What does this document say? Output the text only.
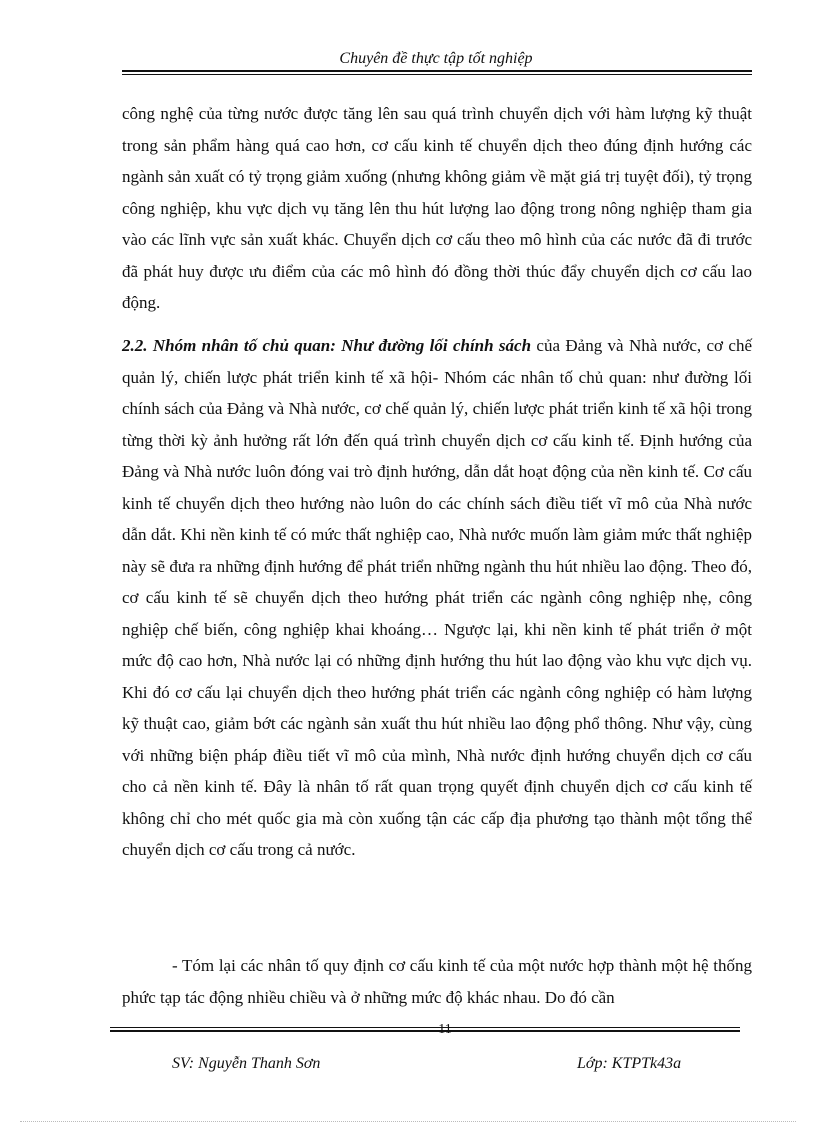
Chuyên đề thực tập tốt nghiệp

công nghệ của từng nước được tăng lên sau quá trình chuyển dịch với hàm lượng kỹ thuật trong sản phẩm hàng quá cao hơn, cơ cấu kinh tế chuyển dịch theo đúng định hướng các ngành sản xuất có tỷ trọng giảm xuống (nhưng không giảm về mặt giá trị tuyệt đối), tỷ trọng công nghiệp, khu vực dịch vụ tăng lên thu hút lượng lao động trong nông nghiệp tham gia vào các lĩnh vực sản xuất khác. Chuyển dịch cơ cấu theo mô hình của các nước đã đi trước đã phát huy được ưu điểm của các mô hình đó đồng thời thúc đẩy chuyển dịch cơ cấu lao động.

2.2. Nhóm nhân tố chủ quan: Như đường lối chính sách của Đảng và Nhà nước, cơ chế quản lý, chiến lược phát triển kinh tế xã hội- Nhóm các nhân tố chủ quan: như đường lối chính sách của Đảng và Nhà nước, cơ chế quản lý, chiến lược phát triển kinh tế xã hội trong từng thời kỳ ảnh hưởng rất lớn đến quá trình chuyển dịch cơ cấu kinh tế. Định hướng của Đảng và Nhà nước luôn đóng vai trò định hướng, dẫn dắt hoạt động của nền kinh tế. Cơ cấu kinh tế chuyển dịch theo hướng nào luôn do các chính sách điều tiết vĩ mô của Nhà nước dẫn dắt. Khi nền kinh tế có mức thất nghiệp cao, Nhà nước muốn làm giảm mức thất nghiệp này sẽ đưa ra những định hướng để phát triển những ngành thu hút nhiều lao động. Theo đó, cơ cấu kinh tế sẽ chuyển dịch theo hướng phát triển các ngành công nghiệp nhẹ, công nghiệp chế biến, công nghiệp khai khoáng… Ngược lại, khi nền kinh tế phát triển ở một mức độ cao hơn, Nhà nước lại có những định hướng thu hút lao động vào khu vực dịch vụ. Khi đó cơ cấu lại chuyển dịch theo hướng phát triển các ngành công nghiệp có hàm lượng kỹ thuật cao, giảm bớt các ngành sản xuất thu hút nhiều lao động phổ thông. Như vậy, cùng với những biện pháp điều tiết vĩ mô của mình, Nhà nước định hướng chuyển dịch cơ cấu cho cả nền kinh tế. Đây là nhân tố rất quan trọng quyết định chuyển dịch cơ cấu kinh tế không chỉ cho mét quốc gia mà còn xuống tận các cấp địa phương tạo thành một tổng thể chuyển dịch cơ cấu trong cả nước.

- Tóm lại các nhân tố quy định cơ cấu kinh tế của một nước hợp thành một hệ thống phức tạp tác động nhiều chiều và ở những mức độ khác nhau. Do đó cần

11
SV: Nguyễn Thanh Sơn	Lớp: KTPTk43a
